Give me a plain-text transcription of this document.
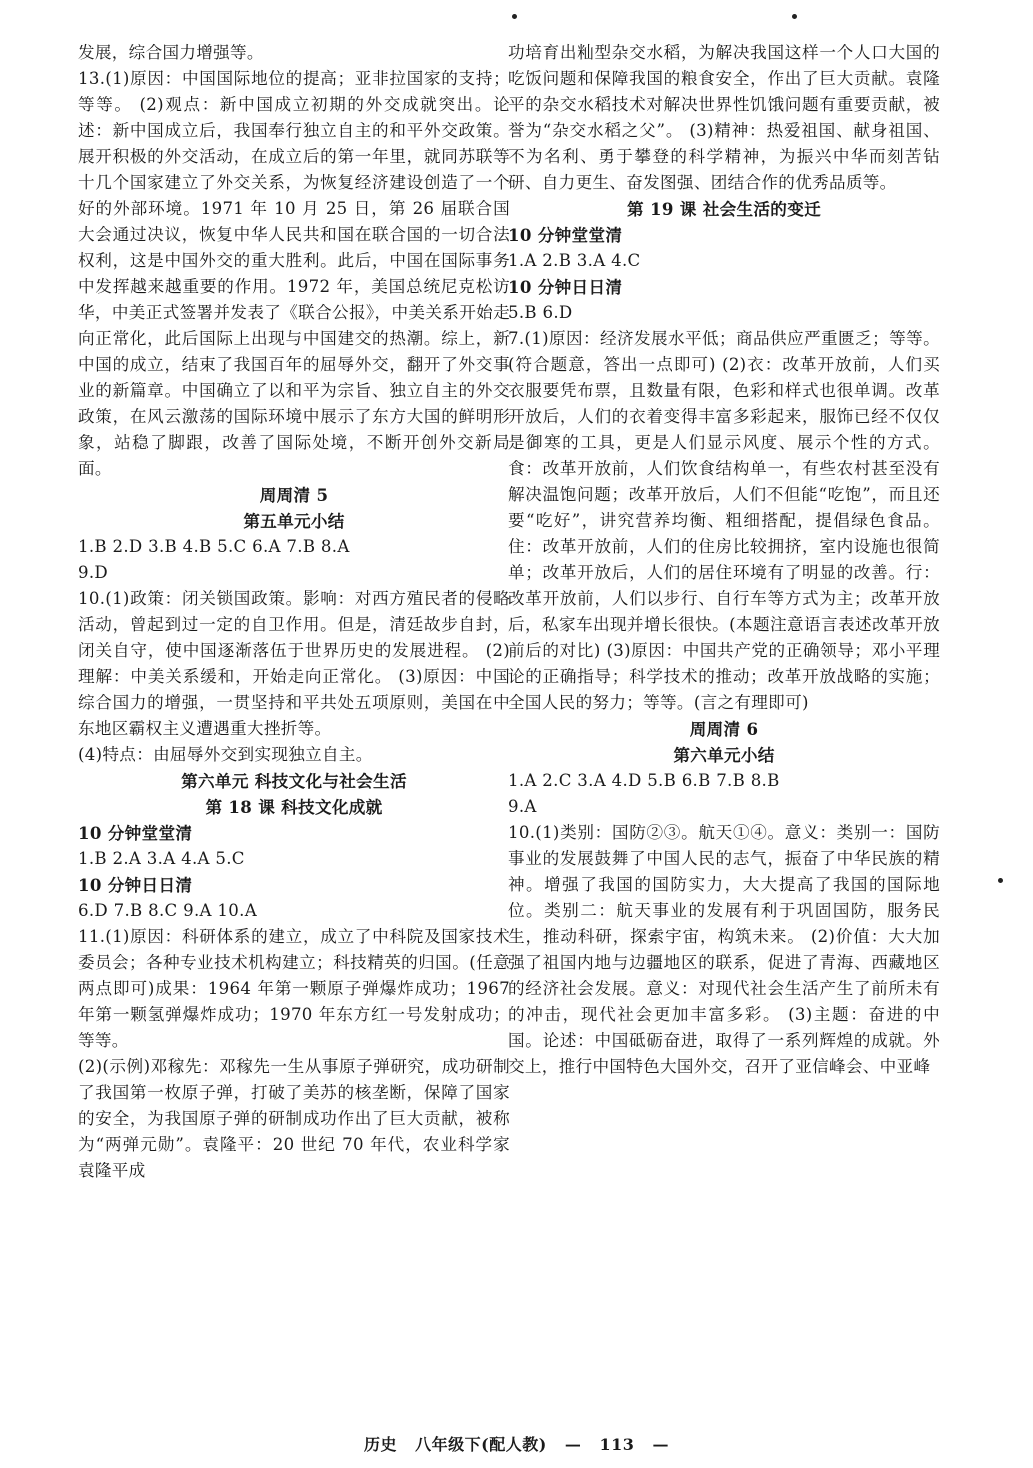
发展，综合国力增强等。

13.(1)原因：中国国际地位的提高；亚非拉国家的支持；等等。 (2)观点：新中国成立初期的外交成就突出。论述：新中国成立后，我国奉行独立自主的和平外交政策。展开积极的外交活动，在成立后的第一年里，就同苏联等十几个国家建立了外交关系，为恢复经济建设创造了一个好的外部环境。1971 年 10 月 25 日，第 26 届联合国大会通过决议，恢复中华人民共和国在联合国的一切合法权利，这是中国外交的重大胜利。此后，中国在国际事务中发挥越来越重要的作用。1972 年，美国总统尼克松访华，中美正式签署并发表了《联合公报》，中美关系开始走向正常化，此后国际上出现与中国建交的热潮。综上，新中国的成立，结束了我国百年的屈辱外交，翻开了外交事业的新篇章。中国确立了以和平为宗旨、独立自主的外交政策，在风云激荡的国际环境中展示了东方大国的鲜明形象，站稳了脚跟，改善了国际处境，不断开创外交新局面。

周周清 5
第五单元小结

1.B 2.D 3.B 4.B 5.C 6.A 7.B 8.A

9.D

10.(1)政策：闭关锁国政策。影响：对西方殖民者的侵略活动，曾起到过一定的自卫作用。但是，清廷故步自封，闭关自守，使中国逐渐落伍于世界历史的发展进程。 (2)理解：中美关系缓和，开始走向正常化。 (3)原因：中国综合国力的增强，一贯坚持和平共处五项原则，美国在中东地区霸权主义遭遇重大挫折等。

(4)特点：由屈辱外交到实现独立自主。

第六单元 科技文化与社会生活
第 18 课 科技文化成就
10 分钟堂堂清

1.B 2.A 3.A 4.A 5.C

10 分钟日日清

6.D 7.B 8.C 9.A 10.A

11.(1)原因：科研体系的建立，成立了中科院及国家技术委员会；各种专业技术机构建立；科技精英的归国。(任意两点即可)成果：1964 年第一颗原子弹爆炸成功；1967 年第一颗氢弹爆炸成功；1970 年东方红一号发射成功；等等。

(2)(示例)邓稼先：邓稼先一生从事原子弹研究，成功研制了我国第一枚原子弹，打破了美苏的核垄断，保障了国家的安全，为我国原子弹的研制成功作出了巨大贡献，被称为“两弹元勋”。袁隆平：20 世纪 70 年代，农业科学家袁隆平成

功培育出籼型杂交水稻，为解决我国这样一个人口大国的吃饭问题和保障我国的粮食安全，作出了巨大贡献。袁隆平的杂交水稻技术对解决世界性饥饿问题有重要贡献，被誉为“杂交水稻之父”。 (3)精神：热爱祖国、献身祖国、不为名利、勇于攀登的科学精神，为振兴中华而刻苦钻研、自力更生、奋发图强、团结合作的优秀品质等。

第 19 课 社会生活的变迁
10 分钟堂堂清

1.A 2.B 3.A 4.C

10 分钟日日清

5.B 6.D

7.(1)原因：经济发展水平低；商品供应严重匮乏；等等。(符合题意，答出一点即可) (2)衣：改革开放前，人们买衣服要凭布票，且数量有限，色彩和样式也很单调。改革开放后，人们的衣着变得丰富多彩起来，服饰已经不仅仅是御寒的工具，更是人们显示风度、展示个性的方式。食：改革开放前，人们饮食结构单一，有些农村甚至没有解决温饱问题；改革开放后，人们不但能“吃饱”，而且还要“吃好”，讲究营养均衡、粗细搭配，提倡绿色食品。住：改革开放前，人们的住房比较拥挤，室内设施也很简单；改革开放后，人们的居住环境有了明显的改善。行：改革开放前，人们以步行、自行车等方式为主；改革开放后，私家车出现并增长很快。(本题注意语言表述改革开放前后的对比) (3)原因：中国共产党的正确领导；邓小平理论的正确指导；科学技术的推动；改革开放战略的实施；全国人民的努力；等等。(言之有理即可)

周周清 6
第六单元小结

1.A 2.C 3.A 4.D 5.B 6.B 7.B 8.B

9.A

10.(1)类别：国防②③。航天①④。意义：类别一：国防事业的发展鼓舞了中国人民的志气，振奋了中华民族的精神。增强了我国的国防实力，大大提高了我国的国际地位。类别二：航天事业的发展有利于巩固国防，服务民生，推动科研，探索宇宙，构筑未来。 (2)价值：大大加强了祖国内地与边疆地区的联系，促进了青海、西藏地区的经济社会发展。意义：对现代社会生活产生了前所未有的冲击，现代社会更加丰富多彩。 (3)主题：奋进的中国。论述：中国砥砺奋进，取得了一系列辉煌的成就。外交上，推行中国特色大国外交，召开了亚信峰会、中亚峰

历史 八年级下(配人教) — 113 —
